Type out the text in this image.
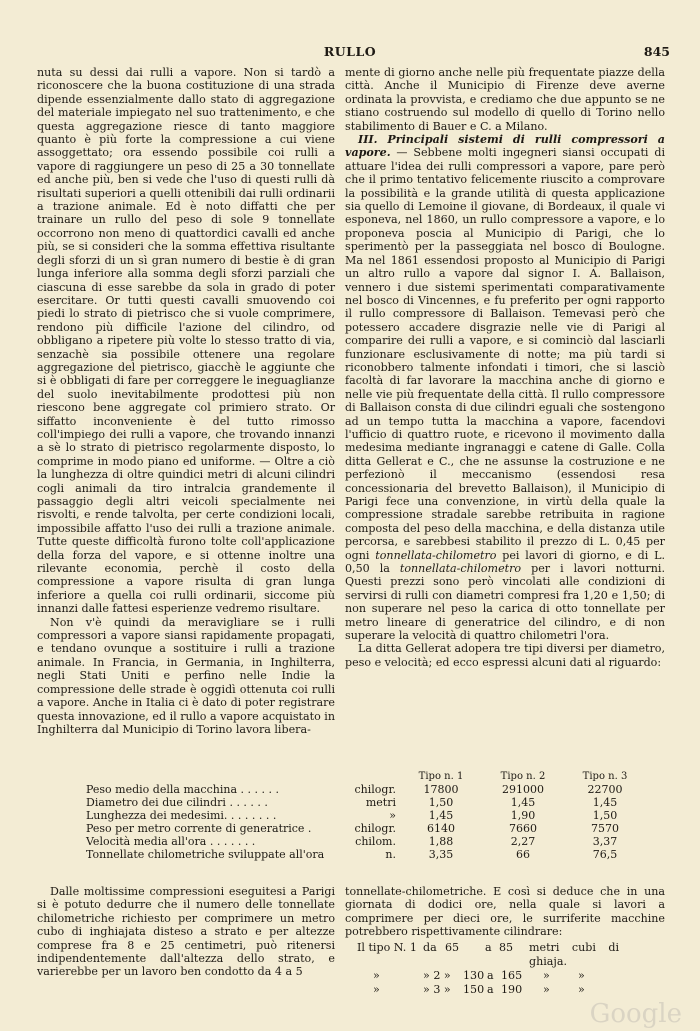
RULLO	845

nuta su dessi dai rulli a vapore. Non si tardò a riconoscere che la buona costituzione di una strada dipende essenzialmente dallo stato di aggregazione del materiale impiegato nel suo trattenimento, e che questa aggregazione riesce di tanto maggiore quanto è più forte la compressione a cui viene assoggettato; ora essendo possibile coi rulli a vapore di raggiungere un peso di 25 a 30 tonnellate ed anche più, ben si vede che l'uso di questi rulli dà risultati superiori a quelli ottenibili dai rulli ordinarii a trazione animale. Ed è noto diffatti che per trainare un rullo del peso di sole 9 tonnellate occorrono non meno di quattordici cavalli ed anche più, se si consideri che la somma effettiva risultante degli sforzi di un sì gran numero di bestie è di gran lunga inferiore alla somma degli sforzi parziali che ciascuna di esse sarebbe da sola in grado di poter esercitare. Or tutti questi cavalli smuovendo coi piedi lo strato di pietrisco che si vuole comprimere, rendono più difficile l'azione del cilindro, od obbligano a ripetere più volte lo stesso tratto di via, senzachè sia possibile ottenere una regolare aggregazione del pietrisco, giacchè le aggiunte che si è obbligati di fare per correggere le ineguaglianze del suolo inevitabilmente prodottesi più non riescono bene aggregate col primiero strato. Or siffatto inconveniente è del tutto rimosso coll'impiego dei rulli a vapore, che trovando innanzi a sè lo strato di pietrisco regolarmente disposto, lo comprime in modo piano ed uniforme. — Oltre a ciò la lunghezza di oltre quindici metri di alcuni cilindri cogli animali da tiro intralcia grandemente il passaggio degli altri veicoli specialmente nei risvolti, e rende talvolta, per certe condizioni locali, impossibile affatto l'uso dei rulli a trazione animale. Tutte queste difficoltà furono tolte coll'applicazione della forza del vapore, e si ottenne inoltre una rilevante economia, perchè il costo della compressione a vapore risulta di gran lunga inferiore a quella coi rulli ordinarii, siccome più innanzi dalle fattesi esperienze vedremo risultare.

Non v'è quindi da meravigliare se i rulli compressori a vapore siansi rapidamente propagati, e tendano ovunque a sostituire i rulli a trazione animale. In Francia, in Germania, in Inghilterra, negli Stati Uniti e perfino nelle Indie la compressione delle strade è oggidì ottenuta coi rulli a vapore. Anche in Italia ci è dato di poter registrare questa innovazione, ed il rullo a vapore acquistato in Inghilterra dal Municipio di Torino lavora libera-

mente di giorno anche nelle più frequentate piazze della città. Anche il Municipio di Firenze deve averne ordinata la provvista, e crediamo che due appunto se ne stiano costruendo sul modello di quello di Torino nello stabilimento di Bauer e C. a Milano.

III. Principali sistemi di rulli compressori a vapore. — Sebbene molti ingegneri siansi occupati di attuare l'idea dei rulli compressori a vapore, pare però che il primo tentativo felicemente riuscito a comprovare la possibilità e la grande utilità di questa applicazione sia quello di Lemoine il giovane, di Bordeaux, il quale vi esponeva, nel 1860, un rullo compressore a vapore, e lo proponeva poscia al Municipio di Parigi, che lo sperimentò per la passeggiata nel bosco di Boulogne. Ma nel 1861 essendosi proposto al Municipio di Parigi un altro rullo a vapore dal signor I. A. Ballaison, vennero i due sistemi sperimentati comparativamente nel bosco di Vincennes, e fu preferito per ogni rapporto il rullo compressore di Ballaison. Temevasi però che potessero accadere disgrazie nelle vie di Parigi al comparire dei rulli a vapore, e si cominciò dal lasciarli funzionare esclusivamente di notte; ma più tardi si riconobbero talmente infondati i timori, che si lasciò facoltà di far lavorare la macchina anche di giorno e nelle vie più frequentate della città. Il rullo compressore di Ballaison consta di due cilindri eguali che sostengono ad un tempo tutta la macchina a vapore, facendovi l'ufficio di quattro ruote, e ricevono il movimento dalla medesima mediante ingranaggi e catene di Galle. Colla ditta Gellerat e C., che ne assunse la costruzione e ne perfezionò il meccanismo (essendosi resa concessionaria del brevetto Ballaison), il Municipio di Parigi fece una convenzione, in virtù della quale la compressione stradale sarebbe retribuita in ragione composta del peso della macchina, e della distanza utile percorsa, e sarebbesi stabilito il prezzo di L. 0,45 per ogni tonnellata-chilometro pei lavori di giorno, e di L. 0,50 la tonnellata-chilometro per i lavori notturni. Questi prezzi sono però vincolati alle condizioni di servirsi di rulli con diametri compresi fra 1,20 e 1,50; di non superare nel peso la carica di otto tonnellate per metro lineare di generatrice del cilindro, e di non superare la velocità di quattro chilometri l'ora.

La ditta Gellerat adopera tre tipi diversi per diametro, peso e velocità; ed ecco espressi alcuni dati al riguardo:

		Tipo n. 1	Tipo n. 2	Tipo n. 3
Peso medio della macchina . . . . . .	chilogr.	17800	291000	22700
Diametro dei due cilindri . . . . . .	metri	1,50	1,45	1,45
Lunghezza dei medesimi. . . . . . . .	»	1,45	1,90	1,50
Peso per metro corrente di generatrice .	chilogr.	6140	7660	7570
Velocità media all'ora . . . . . . .	chilom.	1,88	2,27	3,37
Tonnellate chilometriche sviluppate all'ora	n.	3,35	66	76,5

Dalle moltissime compressioni eseguitesi a Parigi si è potuto dedurre che il numero delle tonnellate chilometriche richiesto per comprimere un metro cubo di inghiajata disteso a strato e per altezze comprese fra 8 e 25 centimetri, può ritenersi indipendentemente dall'altezza dello strato, e varierebbe per un lavoro ben condotto da 4 a 5

tonnellate-chilometriche. E così si deduce che in una giornata di dodici ore, nella quale si lavori a comprimere per dieci ore, le surriferite macchine potrebbero rispettivamente cilindrare:

Il tipo N. 1 da 65	a 85	metri cubi di ghiaja.
»	» 2 »	130 a 165	»        »
»	» 3 »	150 a 190	»        »
Google
